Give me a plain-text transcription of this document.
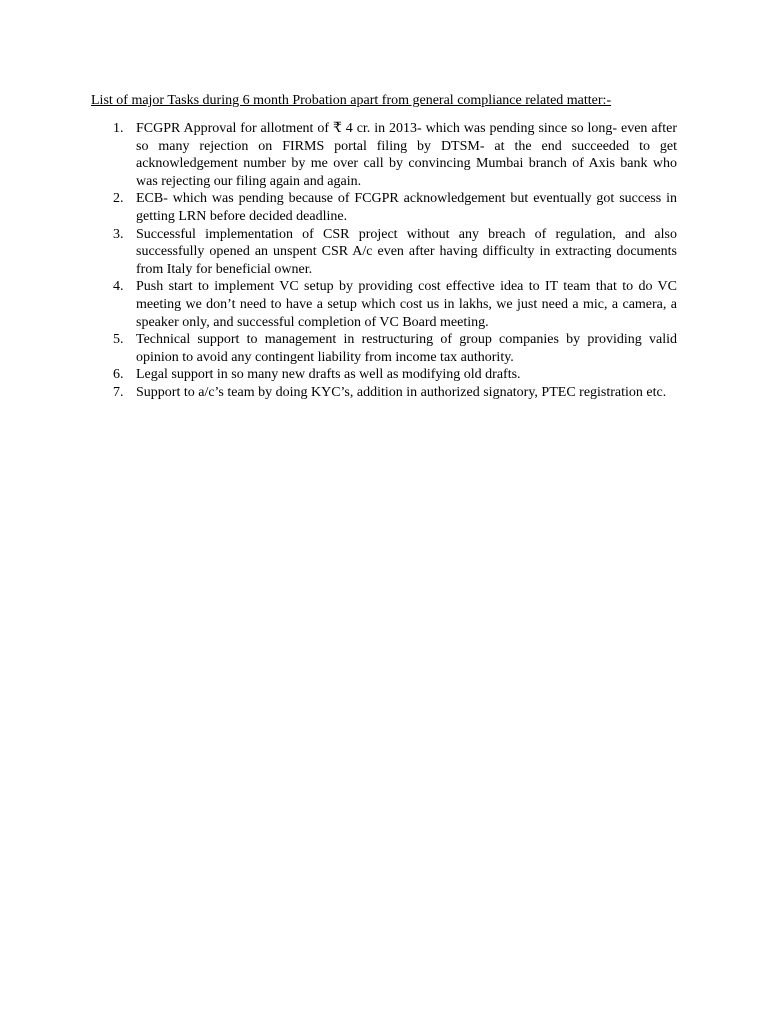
List of major Tasks during 6 month Probation apart from general compliance related matter:-
1. FCGPR Approval for allotment of ₹ 4 cr. in 2013- which was pending since so long- even after so many rejection on FIRMS portal filing by DTSM- at the end succeeded to get acknowledgement number by me over call by convincing Mumbai branch of Axis bank who was rejecting our filing again and again.
2. ECB- which was pending because of FCGPR acknowledgement but eventually got success in getting LRN before decided deadline.
3. Successful implementation of CSR project without any breach of regulation, and also successfully opened an unspent CSR A/c even after having difficulty in extracting documents from Italy for beneficial owner.
4. Push start to implement VC setup by providing cost effective idea to IT team that to do VC meeting we don’t need to have a setup which cost us in lakhs, we just need a mic, a camera, a speaker only, and successful completion of VC Board meeting.
5. Technical support to management in restructuring of group companies by providing valid opinion to avoid any contingent liability from income tax authority.
6. Legal support in so many new drafts as well as modifying old drafts.
7. Support to a/c’s team by doing KYC’s, addition in authorized signatory, PTEC registration etc.
